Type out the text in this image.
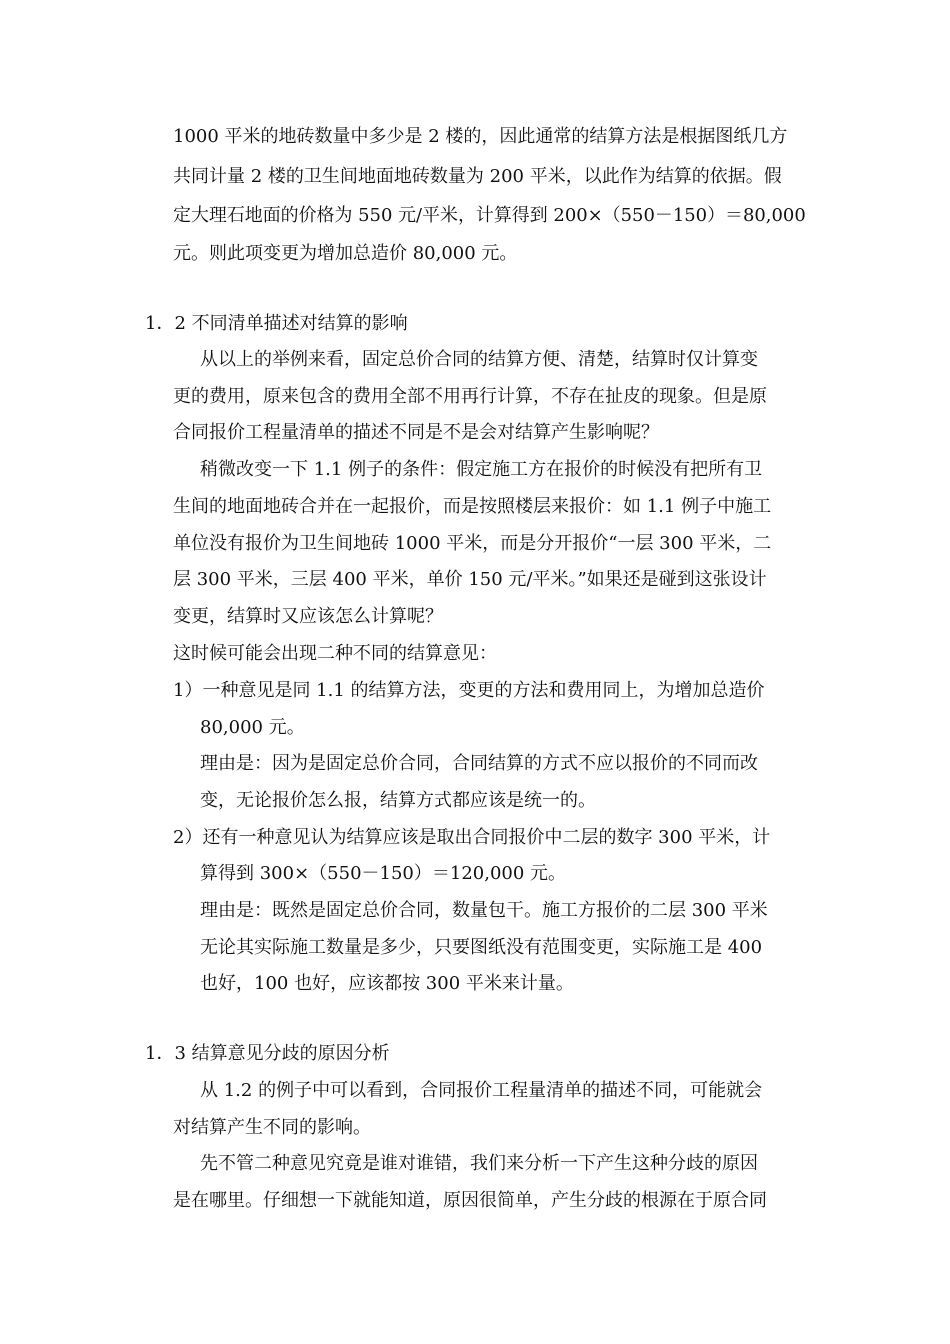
1000 平米的地砖数量中多少是 2 楼的，因此通常的结算方法是根据图纸几方
共同计量 2 楼的卫生间地面地砖数量为 200 平米，以此作为结算的依据。假
定大理石地面的价格为 550 元/平米，计算得到 200×（550－150）＝80,000
元。则此项变更为增加总造价 80,000 元。
1．2 不同清单描述对结算的影响
从以上的举例来看，固定总价合同的结算方便、清楚，结算时仅计算变
更的费用，原来包含的费用全部不用再行计算，不存在扯皮的现象。但是原
合同报价工程量清单的描述不同是不是会对结算产生影响呢？
稍微改变一下 1.1 例子的条件：假定施工方在报价的时候没有把所有卫
生间的地面地砖合并在一起报价，而是按照楼层来报价：如 1.1 例子中施工
单位没有报价为卫生间地砖 1000 平米，而是分开报价“一层 300 平米，二
层 300 平米，三层 400 平米，单价 150 元/平米。”如果还是碰到这张设计
变更，结算时又应该怎么计算呢？
这时候可能会出现二种不同的结算意见：
1）一种意见是同 1.1 的结算方法，变更的方法和费用同上，为增加总造价
80,000 元。
理由是：因为是固定总价合同，合同结算的方式不应以报价的不同而改
变，无论报价怎么报，结算方式都应该是统一的。
2）还有一种意见认为结算应该是取出合同报价中二层的数字 300 平米，计
算得到 300×（550－150）＝120,000 元。
理由是：既然是固定总价合同，数量包干。施工方报价的二层 300 平米
无论其实际施工数量是多少，只要图纸没有范围变更，实际施工是 400
也好，100 也好，应该都按 300 平米来计量。
1．3 结算意见分歧的原因分析
从 1.2 的例子中可以看到，合同报价工程量清单的描述不同，可能就会
对结算产生不同的影响。
先不管二种意见究竟是谁对谁错，我们来分析一下产生这种分歧的原因
是在哪里。仔细想一下就能知道，原因很简单，产生分歧的根源在于原合同
